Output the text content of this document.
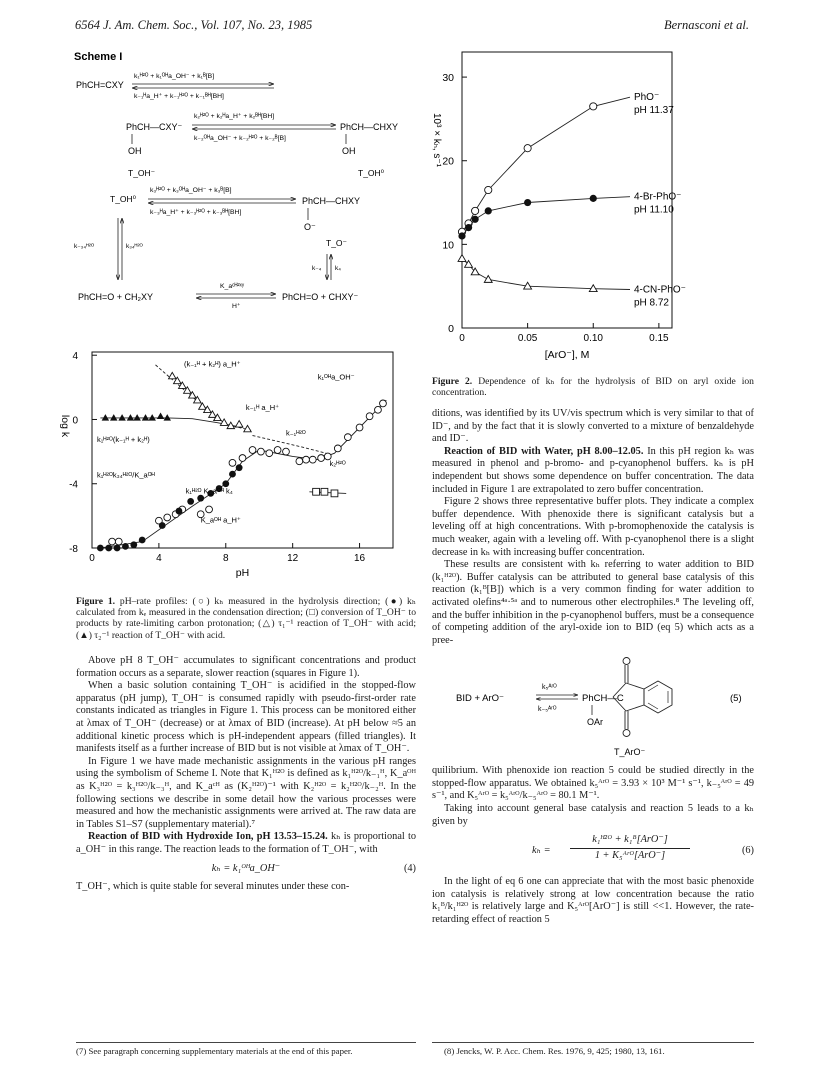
6564 J. Am. Chem. Soc., Vol. 107, No. 23, 1985	Bernasconi et al.
Scheme I
PhCH=CXY
k₁ᴴ²ᴼ + k₁ᴼᴴa_OH⁻ + k₁ᴮ[B]
k₋₁ᴴa_H⁺ + k₋₁ᴴ²ᴼ + k₋₁ᴮᴴ[BH]
PhCH—CXY⁻
OH
T_OH⁻
k₂ᴴ²ᴼ + k₂ᴴa_H⁺ + k₂ᴮᴴ[BH]
k₋₂ᴼᴴa_OH⁻ + k₋₂ᴴ²ᴼ + k₋₂ᴮ[B]
PhCH—CHXY
OH
T_OH⁰
T_OH⁰
k₃ᴴ²ᴼ + k₃ᴼᴴa_OH⁻ + k₃ᴮ[B]
k₋₃ᴴa_H⁺ + k₋₃ᴴ²ᴼ + k₋₃ᴮᴴ[BH]
PhCH—CHXY
O⁻
T_O⁻
k₋₃₄ᴴ²ᴼ	k₃₄ᴴ²ᴼ
k₋₄ k₄
PhCH=O + CH₂XY
K_aᶜᴴ²ˣʸ
H⁺
PhCH=O + CHXY⁻
0	4	8	12	16
4
0
-4
-8
pH
log k
(k₋₁ᴴ + k₂ᴴ) a_H⁺
k₁ᴴ²ᴼ(k₋₁ᴴ + k₂ᴴ)
k₋₁ᴴ a_H⁺
k₁ᴼᴴa_OH⁻
k₋₁ᴴ²ᴼ
k₁ᴴ²ᴼk₃₄ᴴ²ᴼ/K_aᴼᴴ
k₁ᴴ²ᴼ K_aᴼᴴ k₄
K_aᴼᴴ a_H⁺
k₂ᴴ²ᴼ
Figure 1. pH–rate profiles: (○) kₕ measured in the hydrolysis direction; (●) kₕ calculated from kₑ measured in the condensation direction; (□) conversion of T_OH⁻ to products by rate-limiting carbon protonation; (△) τ₁⁻¹ reaction of T_OH⁻ with acid; (▲) τ₂⁻¹ reaction of T_OH⁻ with acid.

Above pH 8 T_OH⁻ accumulates to significant concentrations and product formation occurs as a separate, slower reaction (squares in Figure 1).

When a basic solution containing T_OH⁻ is acidified in the stopped-flow apparatus (pH jump), T_OH⁻ is consumed rapidly with pseudo-first-order rate constants indicated as triangles in Figure 1. This process can be monitored either at λmax of T_OH⁻ (decrease) or at λmax of BID (increase). At pH below ≈5 an additional kinetic process which is pH-independent appears (filled triangles). It manifests itself as a further increase of BID but is not visible at λmax of T_OH⁻.

In Figure 1 we have made mechanistic assignments in the various pH ranges using the symbolism of Scheme I. Note that K₁ᴴ²ᴼ is defined as k₁ᴴ²ᴼ/k₋₁ᴴ, K_aᴼᴴ as K₃ᴴ²ᴼ = k₃ᴴ²ᴼ/k₋₃ᴴ, and K_aᶜᴴ as (K₂ᴴ²ᴼ)⁻¹ with K₂ᴴ²ᴼ = k₂ᴴ²ᴼ/k₋₂ᴴ. In the following sections we describe in some detail how the various processes were measured and how the mechanistic assignments were arrived at. The raw data are in Tables S1–S7 (supplementary material).⁷

Reaction of BID with Hydroxide Ion, pH 13.53–15.24. kₕ is proportional to a_OH⁻ in this range. The reaction leads to the formation of T_OH⁻, with

kₕ = k₁ᴼᴴa_OH⁻	(4)

T_OH⁻, which is quite stable for several minutes under these con-

(7) See paragraph concerning supplementary materials at the end of this paper.
0	0.05	0.10	0.15
0
10
20
30
[ArO⁻], M
10³ × kₕ, s⁻¹
PhO⁻
pH 11.37
4-Br-PhO⁻
pH 11.10
4-CN-PhO⁻
pH 8.72
Figure 2. Dependence of kₕ for the hydrolysis of BID on aryl oxide ion concentration.

ditions, was identified by its UV/vis spectrum which is very similar to that of ID⁻, and by the fact that it is slowly converted to a mixture of benzaldehyde and ID⁻.

Reaction of BID with Water, pH 8.00–12.05. In this pH region kₕ was measured in phenol and p-bromo- and p-cyanophenol buffers. kₕ is pH independent but shows some dependence on buffer concentration. The data included in Figure 1 are extrapolated to zero buffer concentration.

Figure 2 shows three representative buffer plots. They indicate a complex buffer dependence. With phenoxide there is significant catalysis but a leveling off at high concentrations. With p-bromophenoxide the catalysis is much weaker, again with a leveling off. With p-cyanophenol there is a slight decrease in kₕ with increasing buffer concentration.

These results are consistent with kₕ referring to water addition to BID (k₁ᴴ²ᴼ). Buffer catalysis can be attributed to general base catalysis of this reaction (k₁ᴮ[B]) which is a very common finding for water addition to activated olefins⁴ᵃ·⁵ᵃ and to numerous other electrophiles.⁸ The leveling off, and the buffer inhibition in the p-cyanophenol buffers, must be a consequence of competing addition of the aryl-oxide ion to BID (eq 5) which acts as a pree-

BID + ArO⁻
k₅ᴬʳᴼ
k₋₅ᴬʳᴼ
PhCH—C
OAr
T_ArO⁻
(5)

quilibrium. With phenoxide ion reaction 5 could be studied directly in the stopped-flow apparatus. We obtained k₅ᴬʳᴼ = 3.93 × 10³ M⁻¹ s⁻¹, k₋₅ᴬʳᴼ = 49 s⁻¹, and K₅ᴬʳᴼ = k₅ᴬʳᴼ/k₋₅ᴬʳᴼ = 80.1 M⁻¹.

Taking into account general base catalysis and reaction 5 leads to a kₕ given by

kₕ =
k₁ᴴ²ᴼ + k₁ᴮ[ArO⁻]
1 + K₅ᴬʳᴼ[ArO⁻]	(6)

In the light of eq 6 one can appreciate that with the most basic phenoxide ion catalysis is relatively strong at low concentration because the ratio k₁ᴮ/k₁ᴴ²ᴼ is relatively large and K₅ᴬʳᴼ[ArO⁻] is still <<1. However, the rate-retarding effect of reaction 5

(8) Jencks, W. P. Acc. Chem. Res. 1976, 9, 425; 1980, 13, 161.
